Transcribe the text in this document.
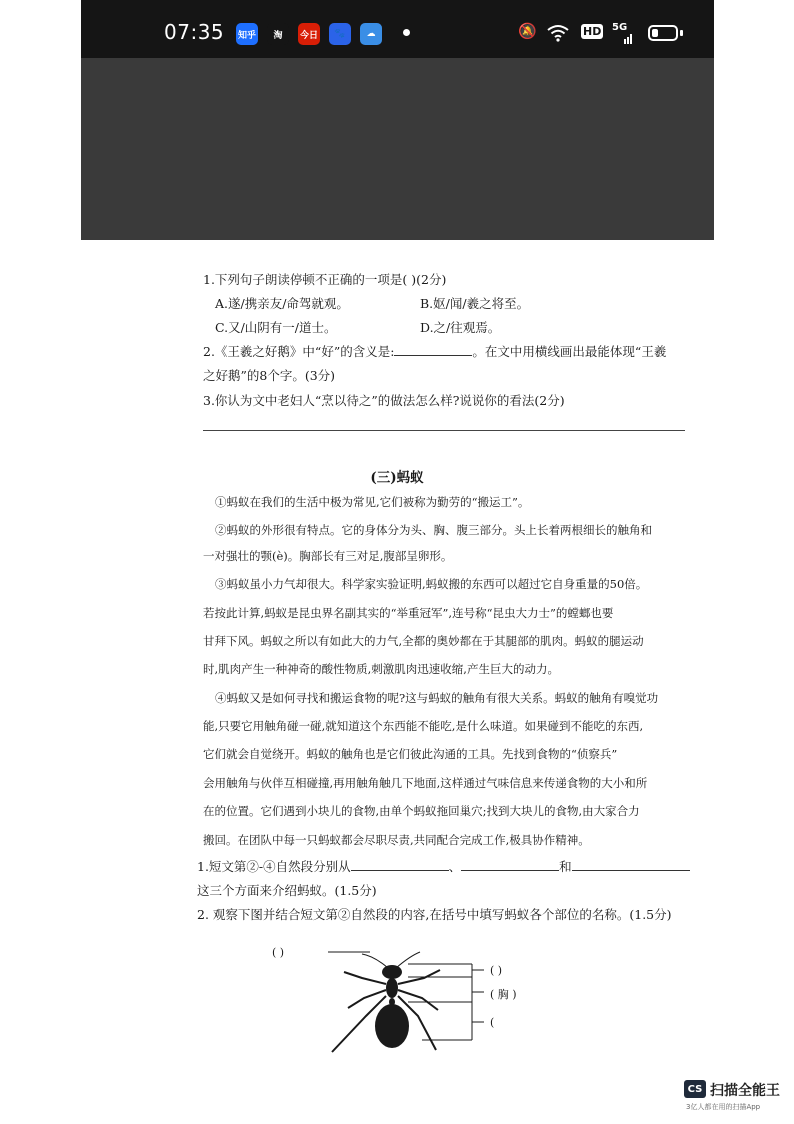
07:35 知乎	淘	今日	🐾	☁	🔕	HD 5G
1.下列句子朗读停顿不正确的一项是( )(2分)
A.遂/携亲友/命驾就观。	B.妪/闻/羲之将至。
C.又/山阴有一/道士。	D.之/往观焉。
2.《王羲之好鹅》中“好”的含义是:	。在文中用横线画出最能体现“王羲
之好鹅”的8个字。(3分)
3.你认为文中老妇人“烹以待之”的做法怎么样?说说你的看法(2分)
(三)蚂蚁
①蚂蚁在我们的生活中极为常见,它们被称为勤劳的“搬运工”。
②蚂蚁的外形很有特点。它的身体分为头、胸、腹三部分。头上长着两根细长的触角和
一对强壮的颚(è)。胸部长有三对足,腹部呈卵形。
③蚂蚁虽小力气却很大。科学家实验证明,蚂蚁搬的东西可以超过它自身重量的50倍。
若按此计算,蚂蚁是昆虫界名副其实的“举重冠军”,连号称“昆虫大力士”的螳螂也要
甘拜下风。蚂蚁之所以有如此大的力气,全都的奥妙都在于其腿部的肌肉。蚂蚁的腿运动
时,肌肉产生一种神奇的酸性物质,刺激肌肉迅速收缩,产生巨大的动力。
④蚂蚁又是如何寻找和搬运食物的呢?这与蚂蚁的触角有很大关系。蚂蚁的触角有嗅觉功
能,只要它用触角碰一碰,就知道这个东西能不能吃,是什么味道。如果碰到不能吃的东西,
它们就会自觉绕开。蚂蚁的触角也是它们彼此沟通的工具。先找到食物的“侦察兵”
会用触角与伙伴互相碰撞,再用触角触几下地面,这样通过气味信息来传递食物的大小和所
在的位置。它们遇到小块儿的食物,由单个蚂蚁拖回巢穴;找到大块儿的食物,由大家合力
搬回。在团队中每一只蚂蚁都会尽职尽责,共同配合完成工作,极具协作精神。
1.短文第②-④自然段分别从	、	和
这三个方面来介绍蚂蚁。(1.5分)
2. 观察下图并结合短文第②自然段的内容,在括号中填写蚂蚁各个部位的名称。(1.5分)
( )
( )
( 胸 )
(
CS 扫描全能王
3亿人都在用的扫描App
